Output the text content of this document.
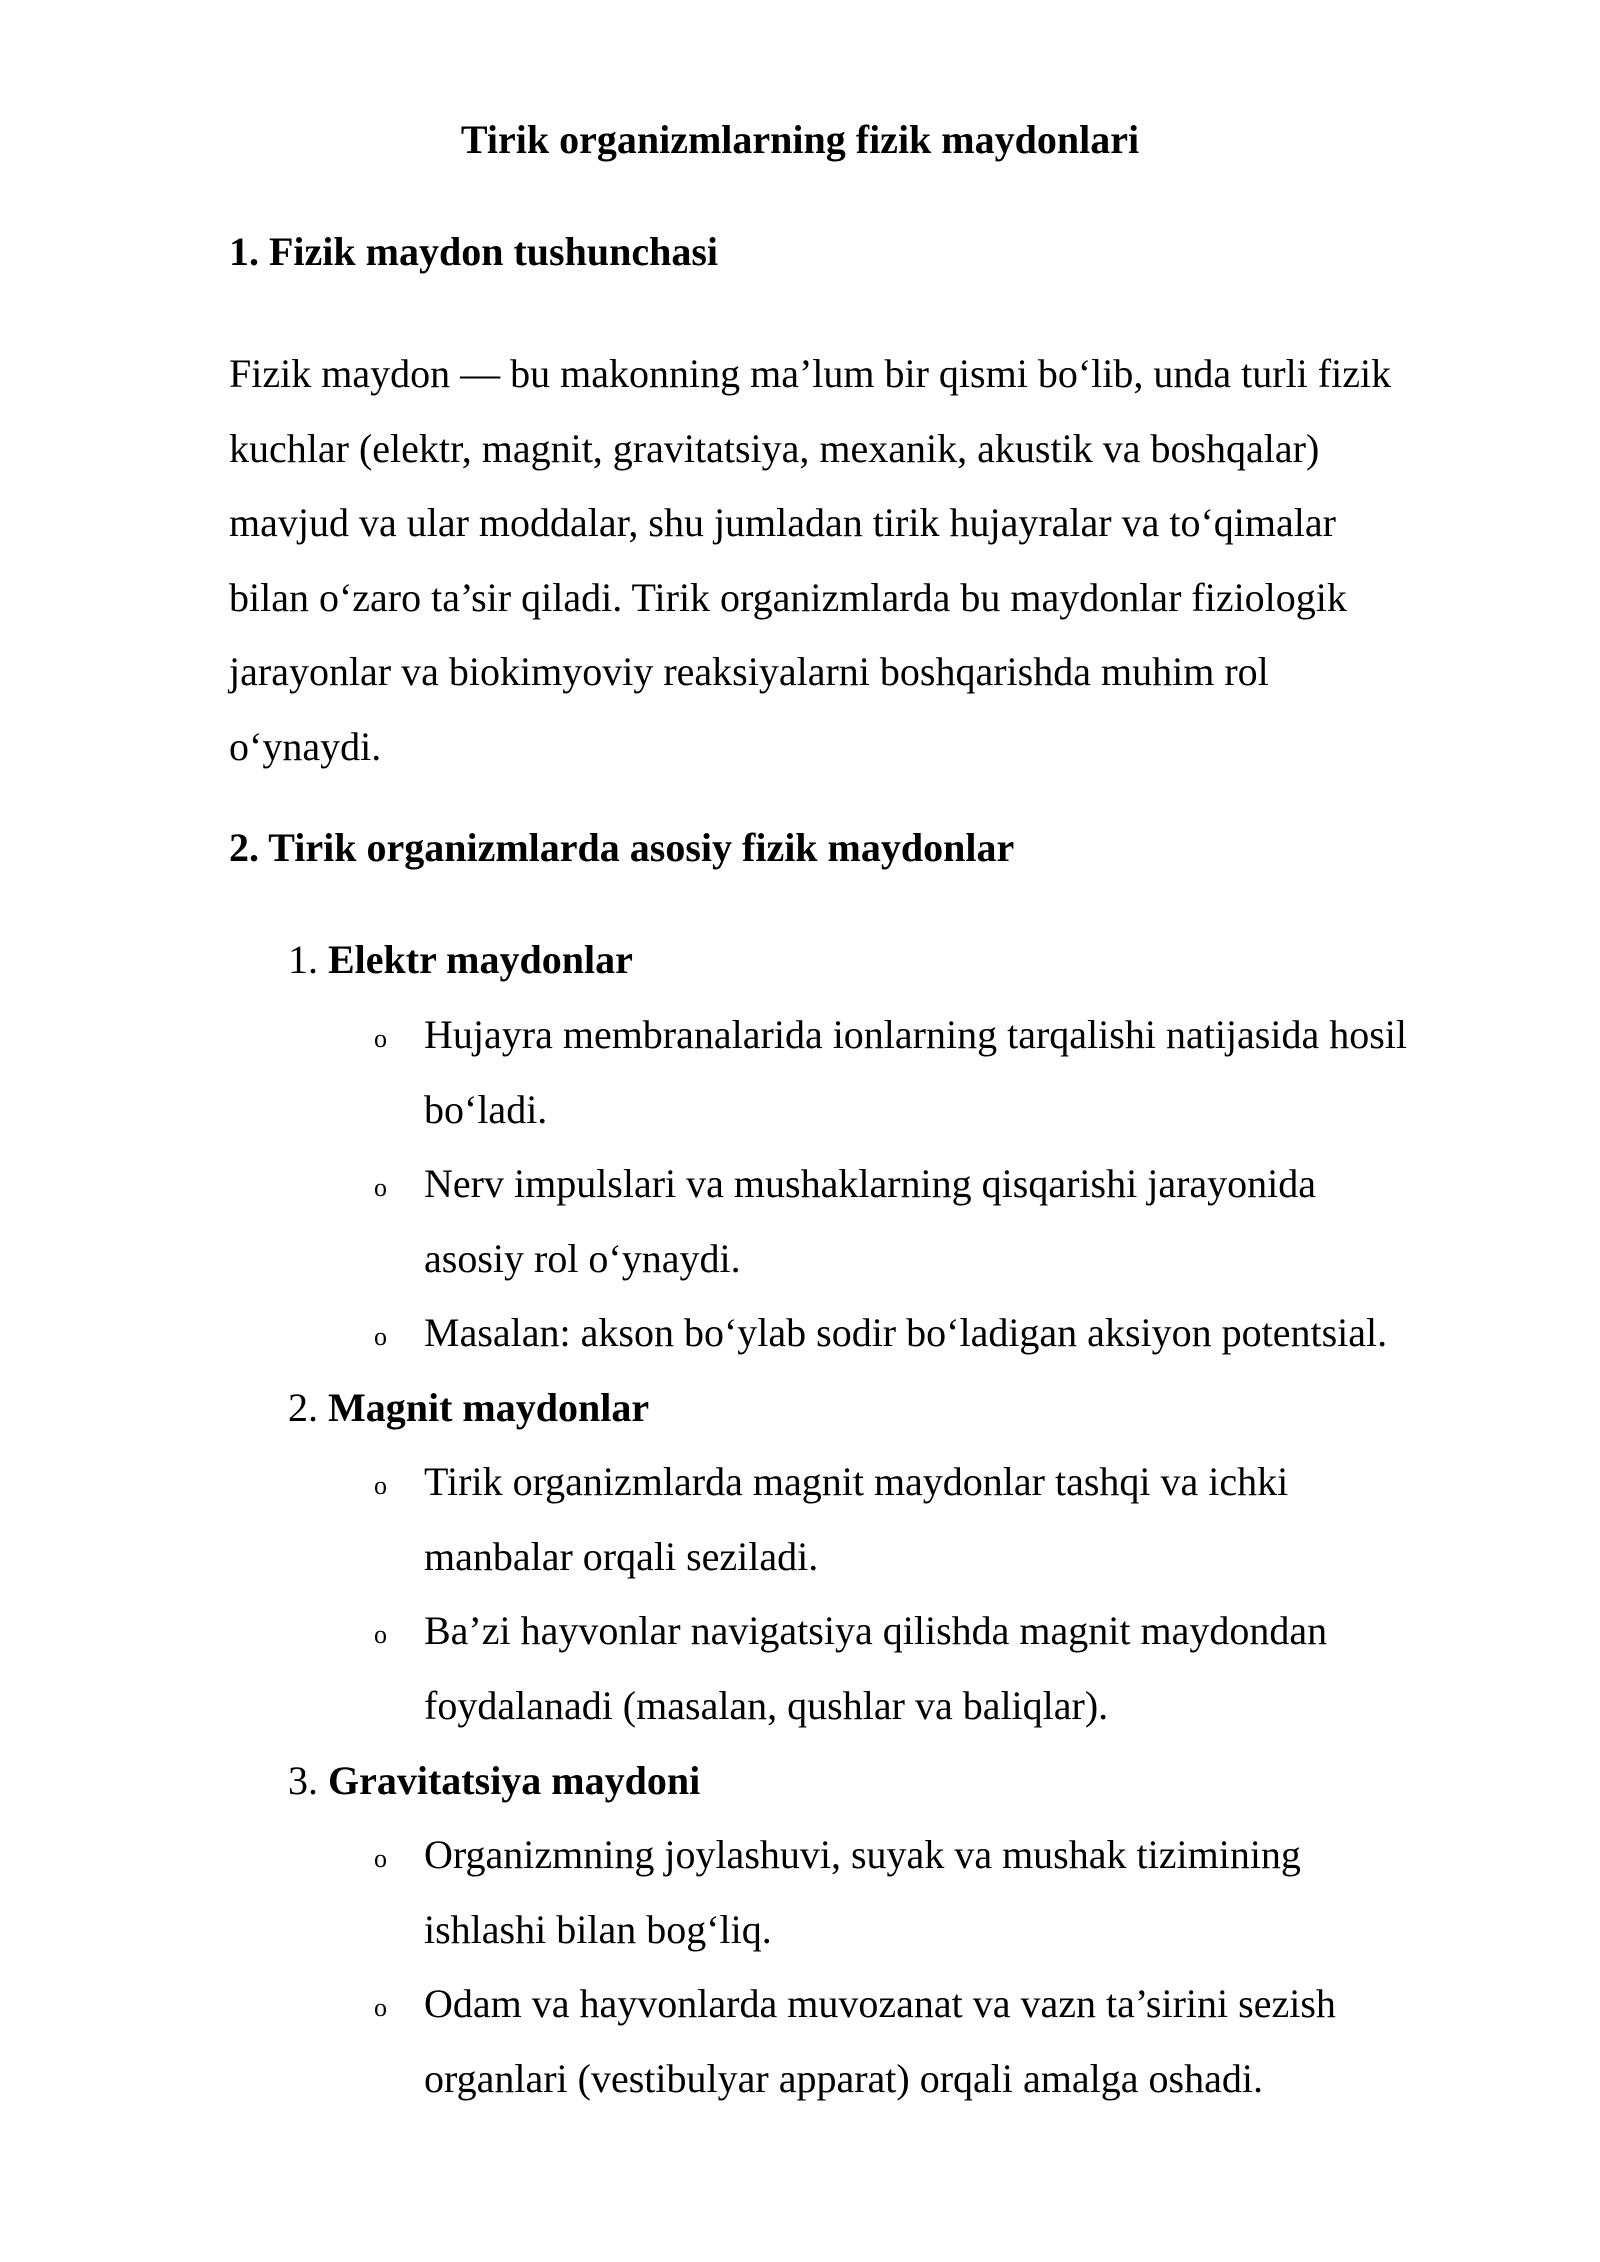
Tirik organizmlarning fizik maydonlari
1. Fizik maydon tushunchasi

Fizik maydon — bu makonning ma’lum bir qismi bo‘lib, unda turli fizik
kuchlar (elektr, magnit, gravitatsiya, mexanik, akustik va boshqalar)
mavjud va ular moddalar, shu jumladan tirik hujayralar va to‘qimalar
bilan o‘zaro ta’sir qiladi. Tirik organizmlarda bu maydonlar fiziologik
jarayonlar va biokimyoviy reaksiyalarni boshqarishda muhim rol
o‘ynaydi.

2. Tirik organizmlarda asosiy fizik maydonlar
1. Elektr maydonlar
o Hujayra membranalarida ionlarning tarqalishi natijasida hosil
bo‘ladi.
o Nerv impulslari va mushaklarning qisqarishi jarayonida
asosiy rol o‘ynaydi.
o Masalan: akson bo‘ylab sodir bo‘ladigan aksiyon potentsial.
2. Magnit maydonlar
o Tirik organizmlarda magnit maydonlar tashqi va ichki
manbalar orqali seziladi.
o Ba’zi hayvonlar navigatsiya qilishda magnit maydondan
foydalanadi (masalan, qushlar va baliqlar).
3. Gravitatsiya maydoni
o Organizmning joylashuvi, suyak va mushak tizimining
ishlashi bilan bog‘liq.
o Odam va hayvonlarda muvozanat va vazn ta’sirini sezish
organlari (vestibulyar apparat) orqali amalga oshadi.
